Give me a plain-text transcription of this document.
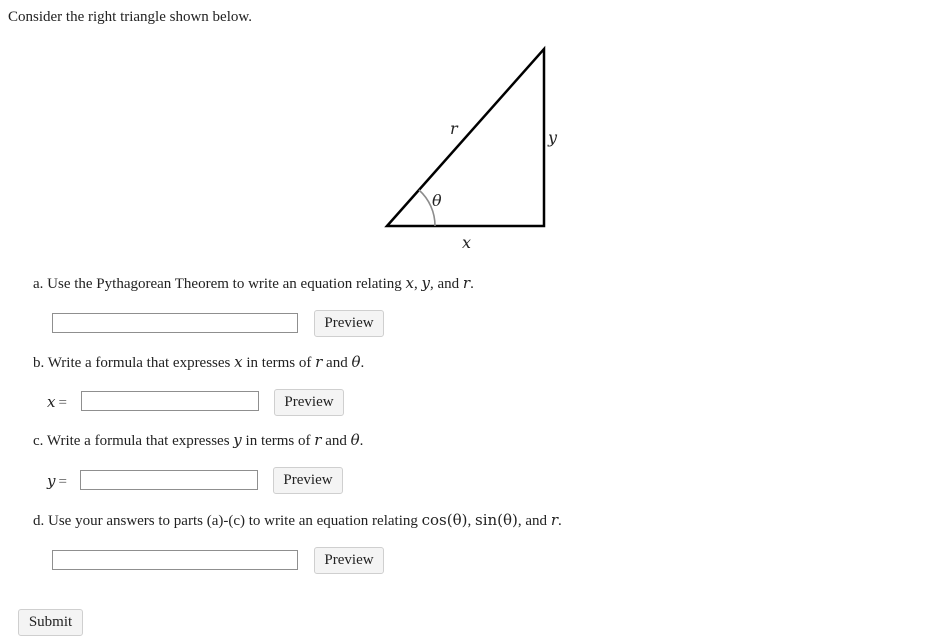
Consider the right triangle shown below.
r	y
θ
x
a. Use the Pythagorean Theorem to write an equation relating x, y, and r.
Preview
b. Write a formula that expresses x in terms of r and θ.
x  =	Preview
c. Write a formula that expresses y in terms of r and θ.
y  =	Preview
d. Use your answers to parts (a)-(c) to write an equation relating cos(θ), sin(θ), and r.
Preview
Submit
